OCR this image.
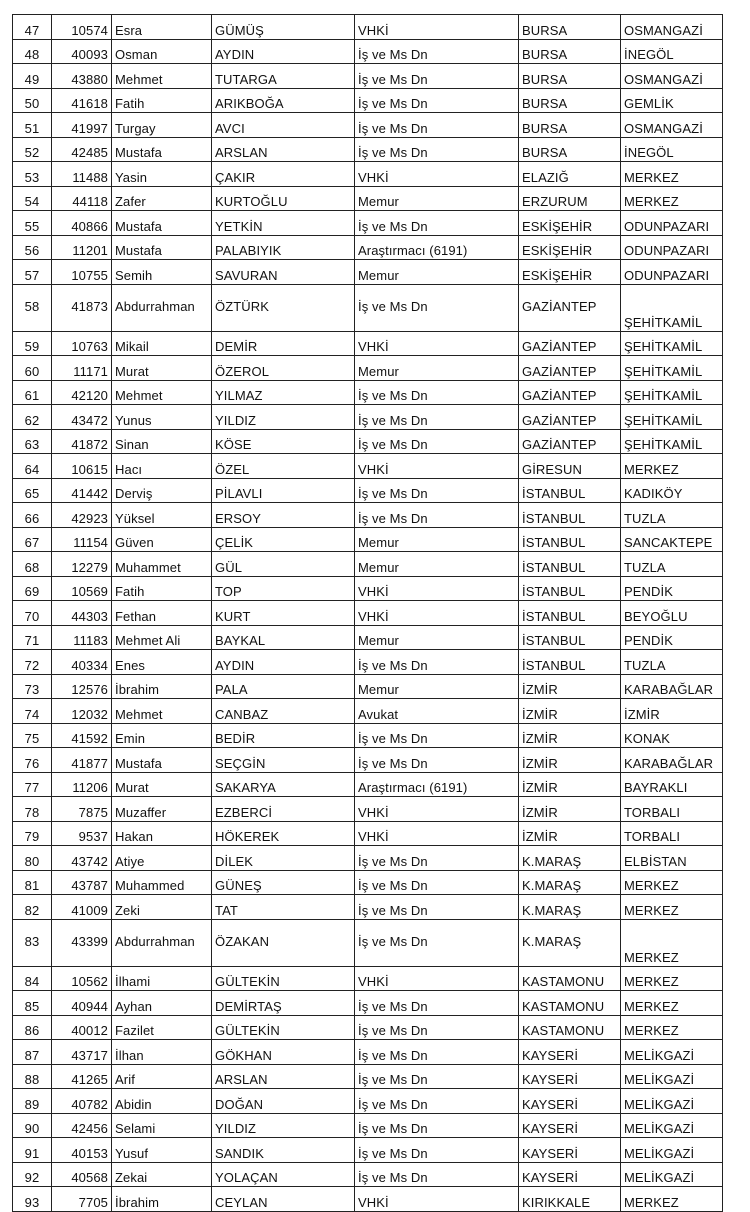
47	10574	Esra	GÜMÜŞ	VHKİ	BURSA	OSMANGAZİ
48	40093	Osman	AYDIN	İş ve Ms Dn	BURSA	İNEGÖL
49	43880	Mehmet	TUTARGA	İş ve Ms Dn	BURSA	OSMANGAZİ
50	41618	Fatih	ARIKBOĞA	İş ve Ms Dn	BURSA	GEMLİK
51	41997	Turgay	AVCI	İş ve Ms Dn	BURSA	OSMANGAZİ
52	42485	Mustafa	ARSLAN	İş ve Ms Dn	BURSA	İNEGÖL
53	11488	Yasin	ÇAKIR	VHKİ	ELAZIĞ	MERKEZ
54	44118	Zafer	KURTOĞLU	Memur	ERZURUM	MERKEZ
55	40866	Mustafa	YETKİN	İş ve Ms Dn	ESKİŞEHİR	ODUNPAZARI
56	11201	Mustafa	PALABIYIK	Araştırmacı (6191)	ESKİŞEHİR	ODUNPAZARI
57	10755	Semih	SAVURAN	Memur	ESKİŞEHİR	ODUNPAZARI
58	41873	Abdurrahman	ÖZTÜRK	İş ve Ms Dn	GAZİANTEP	ŞEHİTKAMİL
59	10763	Mikail	DEMİR	VHKİ	GAZİANTEP	ŞEHİTKAMİL
60	11171	Murat	ÖZEROL	Memur	GAZİANTEP	ŞEHİTKAMİL
61	42120	Mehmet	YILMAZ	İş ve Ms Dn	GAZİANTEP	ŞEHİTKAMİL
62	43472	Yunus	YILDIZ	İş ve Ms Dn	GAZİANTEP	ŞEHİTKAMİL
63	41872	Sinan	KÖSE	İş ve Ms Dn	GAZİANTEP	ŞEHİTKAMİL
64	10615	Hacı	ÖZEL	VHKİ	GİRESUN	MERKEZ
65	41442	Derviş	PİLAVLI	İş ve Ms Dn	İSTANBUL	KADIKÖY
66	42923	Yüksel	ERSOY	İş ve Ms Dn	İSTANBUL	TUZLA
67	11154	Güven	ÇELİK	Memur	İSTANBUL	SANCAKTEPE
68	12279	Muhammet	GÜL	Memur	İSTANBUL	TUZLA
69	10569	Fatih	TOP	VHKİ	İSTANBUL	PENDİK
70	44303	Fethan	KURT	VHKİ	İSTANBUL	BEYOĞLU
71	11183	Mehmet Ali	BAYKAL	Memur	İSTANBUL	PENDİK
72	40334	Enes	AYDIN	İş ve Ms Dn	İSTANBUL	TUZLA
73	12576	İbrahim	PALA	Memur	İZMİR	KARABAĞLAR
74	12032	Mehmet	CANBAZ	Avukat	İZMİR	İZMİR
75	41592	Emin	BEDİR	İş ve Ms Dn	İZMİR	KONAK
76	41877	Mustafa	SEÇGİN	İş ve Ms Dn	İZMİR	KARABAĞLAR
77	11206	Murat	SAKARYA	Araştırmacı (6191)	İZMİR	BAYRAKLI
78	7875	Muzaffer	EZBERCİ	VHKİ	İZMİR	TORBALI
79	9537	Hakan	HÖKEREK	VHKİ	İZMİR	TORBALI
80	43742	Atiye	DİLEK	İş ve Ms Dn	K.MARAŞ	ELBİSTAN
81	43787	Muhammed	GÜNEŞ	İş ve Ms Dn	K.MARAŞ	MERKEZ
82	41009	Zeki	TAT	İş ve Ms Dn	K.MARAŞ	MERKEZ
83	43399	Abdurrahman	ÖZAKAN	İş ve Ms Dn	K.MARAŞ	MERKEZ
84	10562	İlhami	GÜLTEKİN	VHKİ	KASTAMONU	MERKEZ
85	40944	Ayhan	DEMİRTAŞ	İş ve Ms Dn	KASTAMONU	MERKEZ
86	40012	Fazilet	GÜLTEKİN	İş ve Ms Dn	KASTAMONU	MERKEZ
87	43717	İlhan	GÖKHAN	İş ve Ms Dn	KAYSERİ	MELİKGAZİ
88	41265	Arif	ARSLAN	İş ve Ms Dn	KAYSERİ	MELİKGAZİ
89	40782	Abidin	DOĞAN	İş ve Ms Dn	KAYSERİ	MELİKGAZİ
90	42456	Selami	YILDIZ	İş ve Ms Dn	KAYSERİ	MELİKGAZİ
91	40153	Yusuf	SANDIK	İş ve Ms Dn	KAYSERİ	MELİKGAZİ
92	40568	Zekai	YOLAÇAN	İş ve Ms Dn	KAYSERİ	MELİKGAZİ
93	7705	İbrahim	CEYLAN	VHKİ	KIRIKKALE	MERKEZ
